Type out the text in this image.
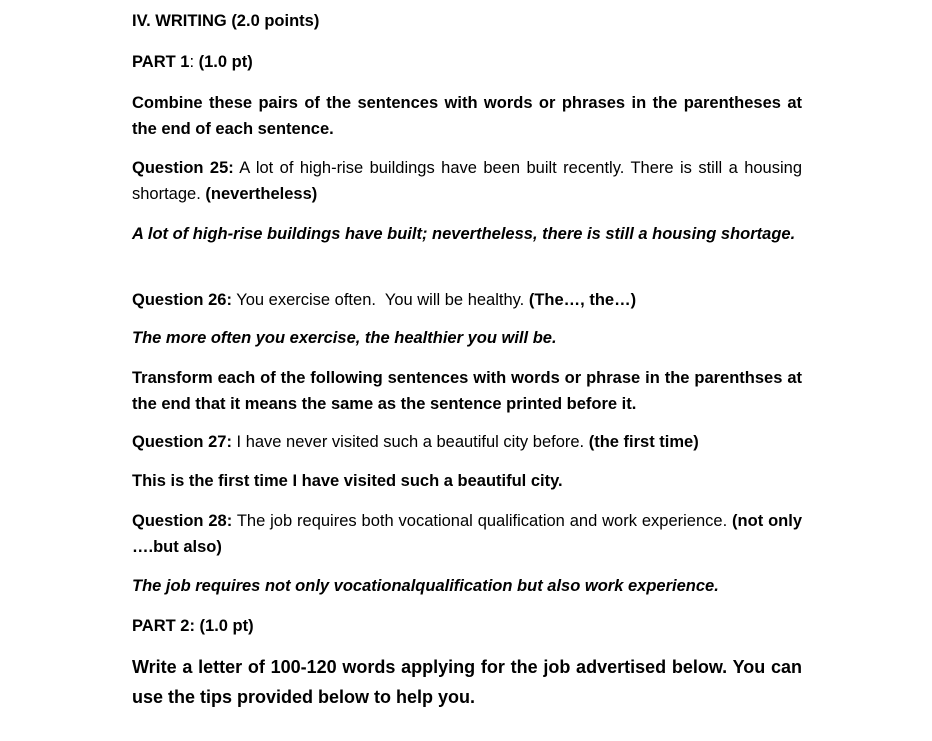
IV. WRITING (2.0 points)
PART 1: (1.0 pt)
Combine these pairs of the sentences with words or phrases in the parentheses at the end of each sentence.
Question 25: A lot of high-rise buildings have been built recently. There is still a housing shortage. (nevertheless)
A lot of high-rise buildings have built; nevertheless, there is still a housing shortage.
Question 26: You exercise often.  You will be healthy. (The…, the…)
The more often you exercise, the healthier you will be.
Transform each of the following sentences with words or phrase in the parenthses at the end that it means the same as the sentence printed before it.
Question 27: I have never visited such a beautiful city before. (the first time)
This is the first time I have visited such a beautiful city.
Question 28: The job requires both vocational qualification and work experience. (not only ….but also)
The job requires not only vocationalqualification but also work experience.
PART 2: (1.0 pt)
Write a letter of 100-120 words applying for the job advertised below. You can use the tips provided below to help you.
